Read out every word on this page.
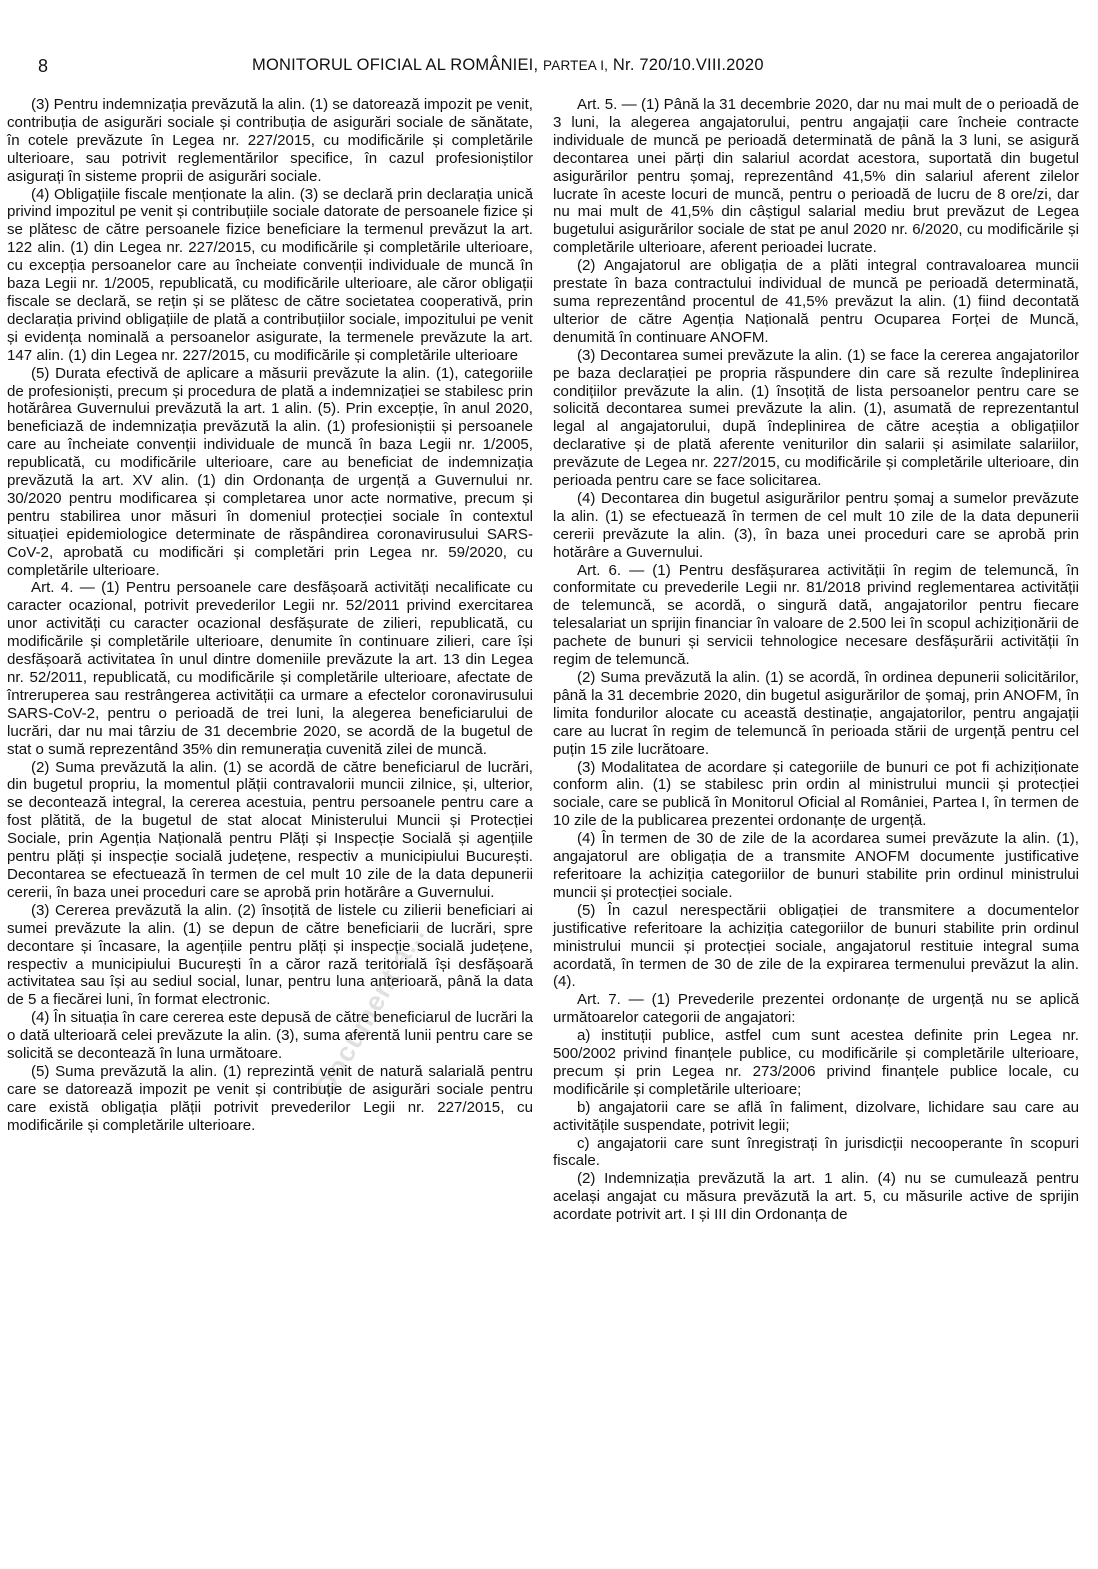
8	MONITORUL OFICIAL AL ROMÂNIEI, PARTEA I, Nr. 720/10.VIII.2020

(3) Pentru indemnizația prevăzută la alin. (1) se datorează impozit pe venit, contribuția de asigurări sociale și contribuția de asigurări sociale de sănătate, în cotele prevăzute în Legea nr. 227/2015, cu modificările și completările ulterioare, sau potrivit reglementărilor specifice, în cazul profesioniștilor asigurați în sisteme proprii de asigurări sociale.

(4) Obligațiile fiscale menționate la alin. (3) se declară prin declarația unică privind impozitul pe venit și contribuțiile sociale datorate de persoanele fizice și se plătesc de către persoanele fizice beneficiare la termenul prevăzut la art. 122 alin. (1) din Legea nr. 227/2015, cu modificările și completările ulterioare, cu excepția persoanelor care au încheiate convenții individuale de muncă în baza Legii nr. 1/2005, republicată, cu modificările ulterioare, ale căror obligații fiscale se declară, se rețin și se plătesc de către societatea cooperativă, prin declarația privind obligațiile de plată a contribuțiilor sociale, impozitului pe venit și evidența nominală a persoanelor asigurate, la termenele prevăzute la art. 147 alin. (1) din Legea nr. 227/2015, cu modificările și completările ulterioare

(5) Durata efectivă de aplicare a măsurii prevăzute la alin. (1), categoriile de profesioniști, precum și procedura de plată a indemnizației se stabilesc prin hotărârea Guvernului prevăzută la art. 1 alin. (5). Prin excepție, în anul 2020, beneficiază de indemnizația prevăzută la alin. (1) profesioniștii și persoanele care au încheiate convenții individuale de muncă în baza Legii nr. 1/2005, republicată, cu modificările ulterioare, care au beneficiat de indemnizația prevăzută la art. XV alin. (1) din Ordonanța de urgență a Guvernului nr. 30/2020 pentru modificarea și completarea unor acte normative, precum și pentru stabilirea unor măsuri în domeniul protecției sociale în contextul situației epidemiologice determinate de răspândirea coronavirusului SARS-CoV-2, aprobată cu modificări și completări prin Legea nr. 59/2020, cu completările ulterioare.

Art. 4. — (1) Pentru persoanele care desfășoară activități necalificate cu caracter ocazional, potrivit prevederilor Legii nr. 52/2011 privind exercitarea unor activități cu caracter ocazional desfășurate de zilieri, republicată, cu modificările și completările ulterioare, denumite în continuare zilieri, care își desfășoară activitatea în unul dintre domeniile prevăzute la art. 13 din Legea nr. 52/2011, republicată, cu modificările și completările ulterioare, afectate de întreruperea sau restrângerea activității ca urmare a efectelor coronavirusului SARS-CoV-2, pentru o perioadă de trei luni, la alegerea beneficiarului de lucrări, dar nu mai târziu de 31 decembrie 2020, se acordă de la bugetul de stat o sumă reprezentând 35% din remunerația cuvenită zilei de muncă.

(2) Suma prevăzută la alin. (1) se acordă de către beneficiarul de lucrări, din bugetul propriu, la momentul plății contravalorii muncii zilnice, și, ulterior, se decontează integral, la cererea acestuia, pentru persoanele pentru care a fost plătită, de la bugetul de stat alocat Ministerului Muncii și Protecției Sociale, prin Agenția Națională pentru Plăți și Inspecție Socială și agențiile pentru plăți și inspecție socială județene, respectiv a municipiului București. Decontarea se efectuează în termen de cel mult 10 zile de la data depunerii cererii, în baza unei proceduri care se aprobă prin hotărâre a Guvernului.

(3) Cererea prevăzută la alin. (2) însoțită de listele cu zilierii beneficiari ai sumei prevăzute la alin. (1) se depun de către beneficiarii de lucrări, spre decontare și încasare, la agențiile pentru plăți și inspecție socială județene, respectiv a municipiului București în a căror rază teritorială își desfășoară activitatea sau își au sediul social, lunar, pentru luna anterioară, până la data de 5 a fiecărei luni, în format electronic.

(4) În situația în care cererea este depusă de către beneficiarul de lucrări la o dată ulterioară celei prevăzute la alin. (3), suma aferentă lunii pentru care se solicită se decontează în luna următoare.

(5) Suma prevăzută la alin. (1) reprezintă venit de natură salarială pentru care se datorează impozit pe venit și contribuție de asigurări sociale pentru care există obligația plății potrivit prevederilor Legii nr. 227/2015, cu modificările și completările ulterioare.

Art. 5. — (1) Până la 31 decembrie 2020, dar nu mai mult de o perioadă de 3 luni, la alegerea angajatorului, pentru angajații care încheie contracte individuale de muncă pe perioadă determinată de până la 3 luni, se asigură decontarea unei părți din salariul acordat acestora, suportată din bugetul asigurărilor pentru șomaj, reprezentând 41,5% din salariul aferent zilelor lucrate în aceste locuri de muncă, pentru o perioadă de lucru de 8 ore/zi, dar nu mai mult de 41,5% din câștigul salarial mediu brut prevăzut de Legea bugetului asigurărilor sociale de stat pe anul 2020 nr. 6/2020, cu modificările și completările ulterioare, aferent perioadei lucrate.

(2) Angajatorul are obligația de a plăti integral contravaloarea muncii prestate în baza contractului individual de muncă pe perioadă determinată, suma reprezentând procentul de 41,5% prevăzut la alin. (1) fiind decontată ulterior de către Agenția Națională pentru Ocuparea Forței de Muncă, denumită în continuare ANOFM.

(3) Decontarea sumei prevăzute la alin. (1) se face la cererea angajatorilor pe baza declarației pe propria răspundere din care să rezulte îndeplinirea condițiilor prevăzute la alin. (1) însoțită de lista persoanelor pentru care se solicită decontarea sumei prevăzute la alin. (1), asumată de reprezentantul legal al angajatorului, după îndeplinirea de către aceștia a obligațiilor declarative și de plată aferente veniturilor din salarii și asimilate salariilor, prevăzute de Legea nr. 227/2015, cu modificările și completările ulterioare, din perioada pentru care se face solicitarea.

(4) Decontarea din bugetul asigurărilor pentru șomaj a sumelor prevăzute la alin. (1) se efectuează în termen de cel mult 10 zile de la data depunerii cererii prevăzute la alin. (3), în baza unei proceduri care se aprobă prin hotărâre a Guvernului.

Art. 6. — (1) Pentru desfășurarea activității în regim de telemuncă, în conformitate cu prevederile Legii nr. 81/2018 privind reglementarea activității de telemuncă, se acordă, o singură dată, angajatorilor pentru fiecare telesalariat un sprijin financiar în valoare de 2.500 lei în scopul achiziționării de pachete de bunuri și servicii tehnologice necesare desfășurării activității în regim de telemuncă.

(2) Suma prevăzută la alin. (1) se acordă, în ordinea depunerii solicitărilor, până la 31 decembrie 2020, din bugetul asigurărilor de șomaj, prin ANOFM, în limita fondurilor alocate cu această destinație, angajatorilor, pentru angajații care au lucrat în regim de telemuncă în perioada stării de urgență pentru cel puțin 15 zile lucrătoare.

(3) Modalitatea de acordare și categoriile de bunuri ce pot fi achiziționate conform alin. (1) se stabilesc prin ordin al ministrului muncii și protecției sociale, care se publică în Monitorul Oficial al României, Partea I, în termen de 10 zile de la publicarea prezentei ordonanțe de urgență.

(4) În termen de 30 de zile de la acordarea sumei prevăzute la alin. (1), angajatorul are obligația de a transmite ANOFM documente justificative referitoare la achiziția categoriilor de bunuri stabilite prin ordinul ministrului muncii și protecției sociale.

(5) În cazul nerespectării obligației de transmitere a documentelor justificative referitoare la achiziția categoriilor de bunuri stabilite prin ordinul ministrului muncii și protecției sociale, angajatorul restituie integral suma acordată, în termen de 30 de zile de la expirarea termenului prevăzut la alin. (4).

Art. 7. — (1) Prevederile prezentei ordonanțe de urgență nu se aplică următoarelor categorii de angajatori:

a) instituții publice, astfel cum sunt acestea definite prin Legea nr. 500/2002 privind finanțele publice, cu modificările și completările ulterioare, precum și prin Legea nr. 273/2006 privind finanțele publice locale, cu modificările și completările ulterioare;

b) angajatorii care se află în faliment, dizolvare, lichidare sau care au activitățile suspendate, potrivit legii;

c) angajatorii care sunt înregistrați în jurisdicții necooperante în scopuri fiscale.

(2) Indemnizația prevăzută la art. 1 alin. (4) nu se cumulează pentru același angajat cu măsura prevăzută la art. 5, cu măsurile active de sprijin acordate potrivit art. I și III din Ordonanța de

Document a...
